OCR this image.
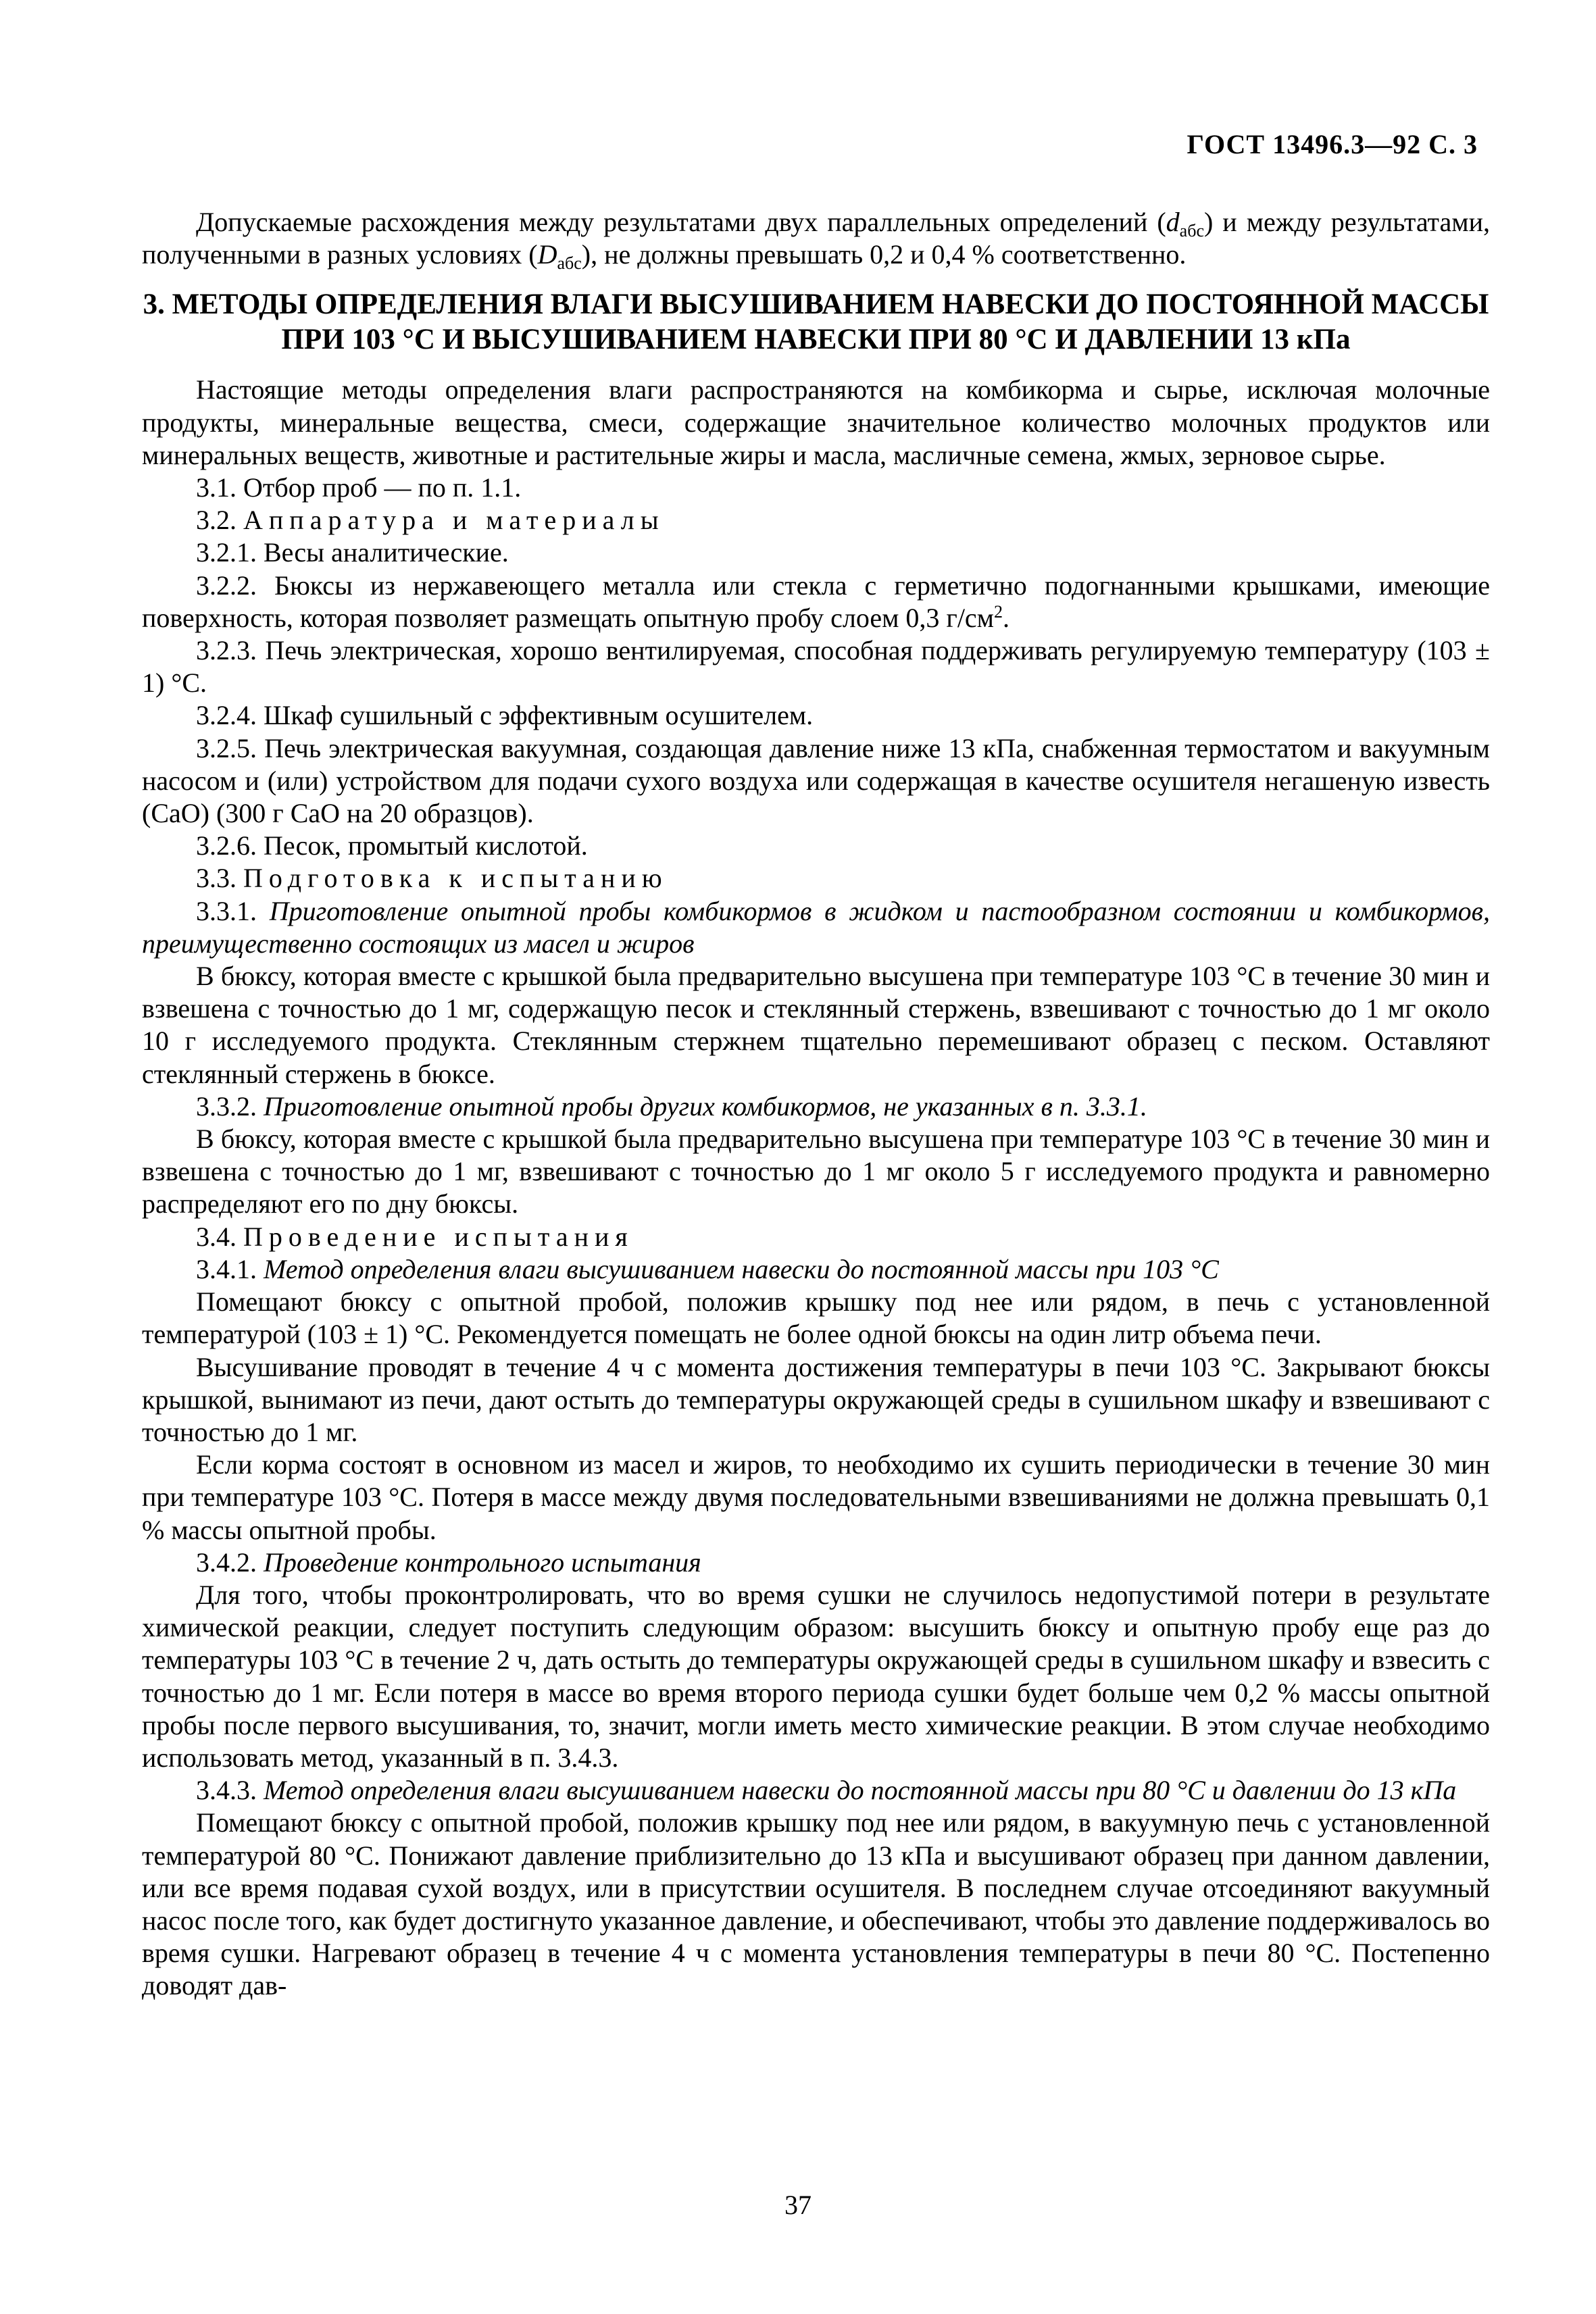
ГОСТ 13496.3—92 С. 3

Допускаемые расхождения между результатами двух параллельных определений $(d_{абс})$ и между результатами, полученными в разных условиях $(D_{абс})$, не должны превышать 0,2 и 0,4 % соответственно.

3. МЕТОДЫ ОПРЕДЕЛЕНИЯ ВЛАГИ ВЫСУШИВАНИЕМ НАВЕСКИ ДО ПОСТОЯННОЙ МАССЫ ПРИ 103 °С И ВЫСУШИВАНИЕМ НАВЕСКИ ПРИ 80 °С И ДАВЛЕНИИ 13 кПа

Настоящие методы определения влаги распространяются на комбикорма и сырье, исключая молочные продукты, минеральные вещества, смеси, содержащие значительное количество молочных продуктов или минеральных веществ, животные и растительные жиры и масла, масличные семена, жмых, зерновое сырье.

3.1. Отбор проб — по п. 1.1.

3.2. Аппаратура и материалы

3.2.1. Весы аналитические.

3.2.2. Бюксы из нержавеющего металла или стекла с герметично подогнанными крышками, имеющие поверхность, которая позволяет размещать опытную пробу слоем 0,3 $г/см^2$.

3.2.3. Печь электрическая, хорошо вентилируемая, способная поддерживать регулируемую температуру (103 ± 1) °С.

3.2.4. Шкаф сушильный с эффективным осушителем.

3.2.5. Печь электрическая вакуумная, создающая давление ниже 13 кПа, снабженная термостатом и вакуумным насосом и (или) устройством для подачи сухого воздуха или содержащая в качестве осушителя негашеную известь (СаО) (300 г СаО на 20 образцов).

3.2.6. Песок, промытый кислотой.

3.3. Подготовка к испытанию

3.3.1. Приготовление опытной пробы комбикормов в жидком и пастообразном состоянии и комбикормов, преимущественно состоящих из масел и жиров

В бюксу, которая вместе с крышкой была предварительно высушена при температуре 103 °С в течение 30 мин и взвешена с точностью до 1 мг, содержащую песок и стеклянный стержень, взвешивают с точностью до 1 мг около 10 г исследуемого продукта. Стеклянным стержнем тщательно перемешивают образец с песком. Оставляют стеклянный стержень в бюксе.

3.3.2. Приготовление опытной пробы других комбикормов, не указанных в п. 3.3.1.

В бюксу, которая вместе с крышкой была предварительно высушена при температуре 103 °С в течение 30 мин и взвешена с точностью до 1 мг, взвешивают с точностью до 1 мг около 5 г исследуемого продукта и равномерно распределяют его по дну бюксы.

3.4. Проведение испытания

3.4.1. Метод определения влаги высушиванием навески до постоянной массы при 103 °С

Помещают бюксу с опытной пробой, положив крышку под нее или рядом, в печь с установленной температурой (103 ± 1) °С. Рекомендуется помещать не более одной бюксы на один литр объема печи.

Высушивание проводят в течение 4 ч с момента достижения температуры в печи 103 °С. Закрывают бюксы крышкой, вынимают из печи, дают остыть до температуры окружающей среды в сушильном шкафу и взвешивают с точностью до 1 мг.

Если корма состоят в основном из масел и жиров, то необходимо их сушить периодически в течение 30 мин при температуре 103 °С. Потеря в массе между двумя последовательными взвешиваниями не должна превышать 0,1 % массы опытной пробы.

3.4.2. Проведение контрольного испытания

Для того, чтобы проконтролировать, что во время сушки не случилось недопустимой потери в результате химической реакции, следует поступить следующим образом: высушить бюксу и опытную пробу еще раз до температуры 103 °С в течение 2 ч, дать остыть до температуры окружающей среды в сушильном шкафу и взвесить с точностью до 1 мг. Если потеря в массе во время второго периода сушки будет больше чем 0,2 % массы опытной пробы после первого высушивания, то, значит, могли иметь место химические реакции. В этом случае необходимо использовать метод, указанный в п. 3.4.3.

3.4.3. Метод определения влаги высушиванием навески до постоянной массы при 80 °С и давлении до 13 кПа

Помещают бюксу с опытной пробой, положив крышку под нее или рядом, в вакуумную печь с установленной температурой 80 °С. Понижают давление приблизительно до 13 кПа и высушивают образец при данном давлении, или все время подавая сухой воздух, или в присутствии осушителя. В последнем случае отсоединяют вакуумный насос после того, как будет достигнуто указанное давление, и обеспечивают, чтобы это давление поддерживалось во время сушки. Нагревают образец в течение 4 ч с момента установления температуры в печи 80 °С. Постепенно доводят дав-

37
